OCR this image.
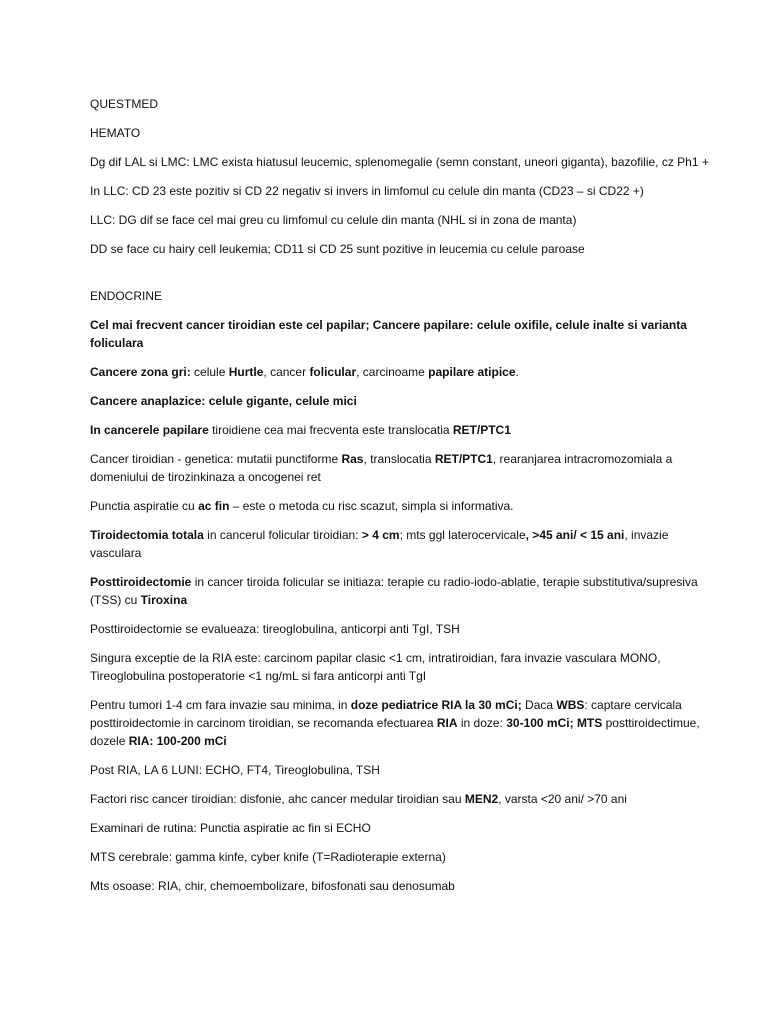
QUESTMED

HEMATO

Dg dif LAL si LMC: LMC exista hiatusul leucemic, splenomegalie (semn constant, uneori giganta), bazofilie, cz Ph1 +

In LLC: CD 23 este pozitiv si CD 22 negativ si invers in limfomul cu celule din manta (CD23 – si CD22 +)

LLC: DG dif se face cel mai greu cu limfomul cu celule din manta (NHL si in zona de manta)

DD se face cu hairy cell leukemia; CD11 si CD 25 sunt pozitive in leucemia cu celule paroase

ENDOCRINE

Cel mai frecvent cancer tiroidian este cel papilar; Cancere papilare: celule oxifile, celule inalte si varianta foliculara

Cancere zona gri: celule Hurtle, cancer folicular, carcinoame papilare atipice.

Cancere anaplazice: celule gigante, celule mici

In cancerele papilare tiroidiene cea mai frecventa este translocatia RET/PTC1

Cancer tiroidian - genetica: mutatii punctiforme Ras, translocatia RET/PTC1, rearanjarea intracromozomiala a domeniului de tirozinkinaza a oncogenei ret

Punctia aspiratie cu ac fin – este o metoda cu risc scazut, simpla si informativa.

Tiroidectomia totala in cancerul folicular tiroidian: > 4 cm; mts ggl laterocervicale, >45 ani/ < 15 ani, invazie vasculara

Posttiroidectomie in cancer tiroida folicular se initiaza: terapie cu radio-iodo-ablatie, terapie substitutiva/supresiva (TSS) cu Tiroxina

Posttiroidectomie se evalueaza: tireoglobulina, anticorpi anti TgI, TSH

Singura exceptie de la RIA este: carcinom papilar clasic <1 cm, intratiroidian, fara invazie vasculara MONO, Tireoglobulina postoperatorie <1 ng/mL si fara anticorpi anti TgI

Pentru tumori 1-4 cm fara invazie sau minima, in doze pediatrice RIA la 30 mCi; Daca WBS: captare cervicala posttiroidectomie in carcinom tiroidian, se recomanda efectuarea RIA in doze: 30-100 mCi; MTS posttiroidectimue, dozele RIA: 100-200 mCi

Post RIA, LA 6 LUNI: ECHO, FT4, Tireoglobulina, TSH

Factori risc cancer tiroidian: disfonie, ahc cancer medular tiroidian sau MEN2, varsta <20 ani/ >70 ani

Examinari de rutina: Punctia aspiratie ac fin si ECHO

MTS cerebrale: gamma kinfe, cyber knife (T=Radioterapie externa)

Mts osoase: RIA, chir, chemoembolizare, bifosfonati sau denosumab
